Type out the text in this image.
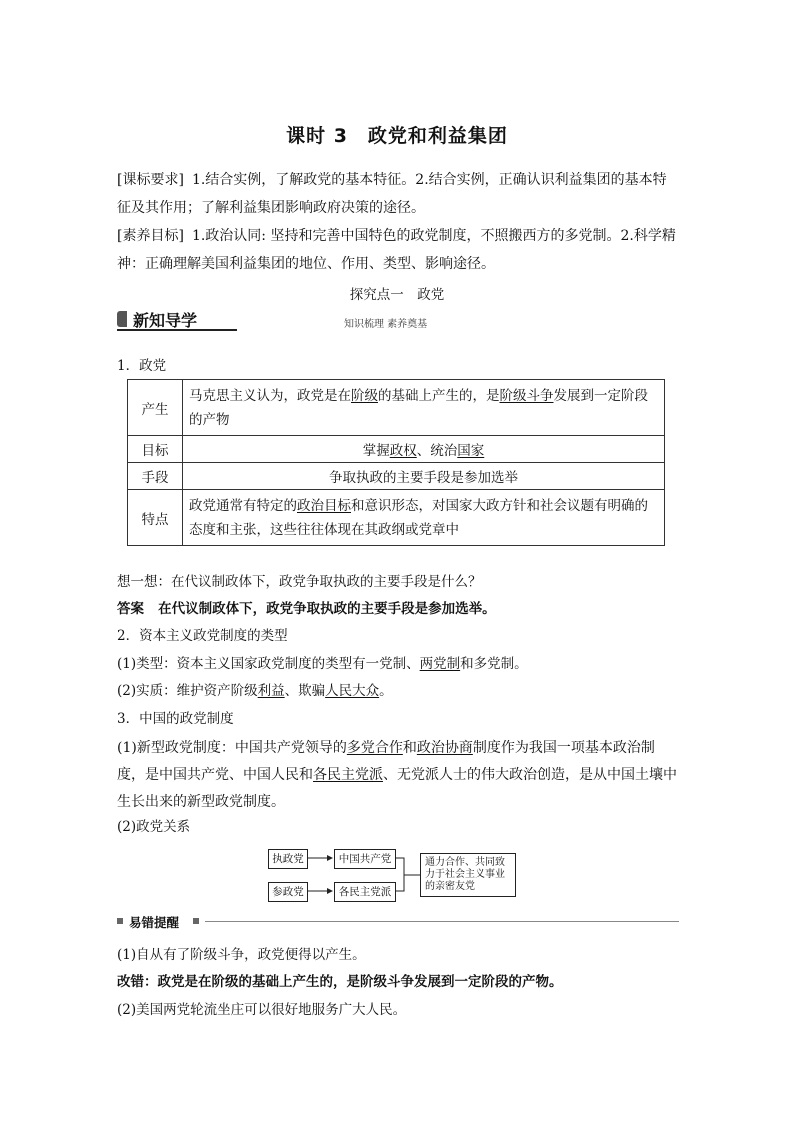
课时 3　政党和利益集团
[课标要求] 1.结合实例，了解政党的基本特征。2.结合实例，正确认识利益集团的基本特征及其作用；了解利益集团影响政府决策的途径。
[素养目标] 1.政治认同: 坚持和完善中国特色的政党制度，不照搬西方的多党制。2.科学精神：正确理解美国利益集团的地位、作用、类型、影响途径。
探究点一　政党
新知导学	知识梳理 素养奠基
1．政党
产生	马克思主义认为，政党是在阶级的基础上产生的，是阶级斗争发展到一定阶段的产物
目标	掌握政权、统治国家
手段	争取执政的主要手段是参加选举
特点	政党通常有特定的政治目标和意识形态，对国家大政方针和社会议题有明确的态度和主张，这些往往体现在其政纲或党章中
想一想：在代议制政体下，政党争取执政的主要手段是什么？
答案 在代议制政体下，政党争取执政的主要手段是参加选举。
2．资本主义政党制度的类型
(1)类型：资本主义国家政党制度的类型有一党制、两党制和多党制。
(2)实质：维护资产阶级利益、欺骗人民大众。
3．中国的政党制度
(1)新型政党制度：中国共产党领导的多党合作和政治协商制度作为我国一项基本政治制度，是中国共产党、中国人民和各民主党派、无党派人士的伟大政治创造，是从中国土壤中生长出来的新型政党制度。
(2)政党关系
执政党	中国共产党
参政党	各民主党派
通力合作、共同致力于社会主义事业的亲密友党
易错提醒
(1)自从有了阶级斗争，政党便得以产生。
改错：政党是在阶级的基础上产生的，是阶级斗争发展到一定阶段的产物。
(2)美国两党轮流坐庄可以很好地服务广大人民。
